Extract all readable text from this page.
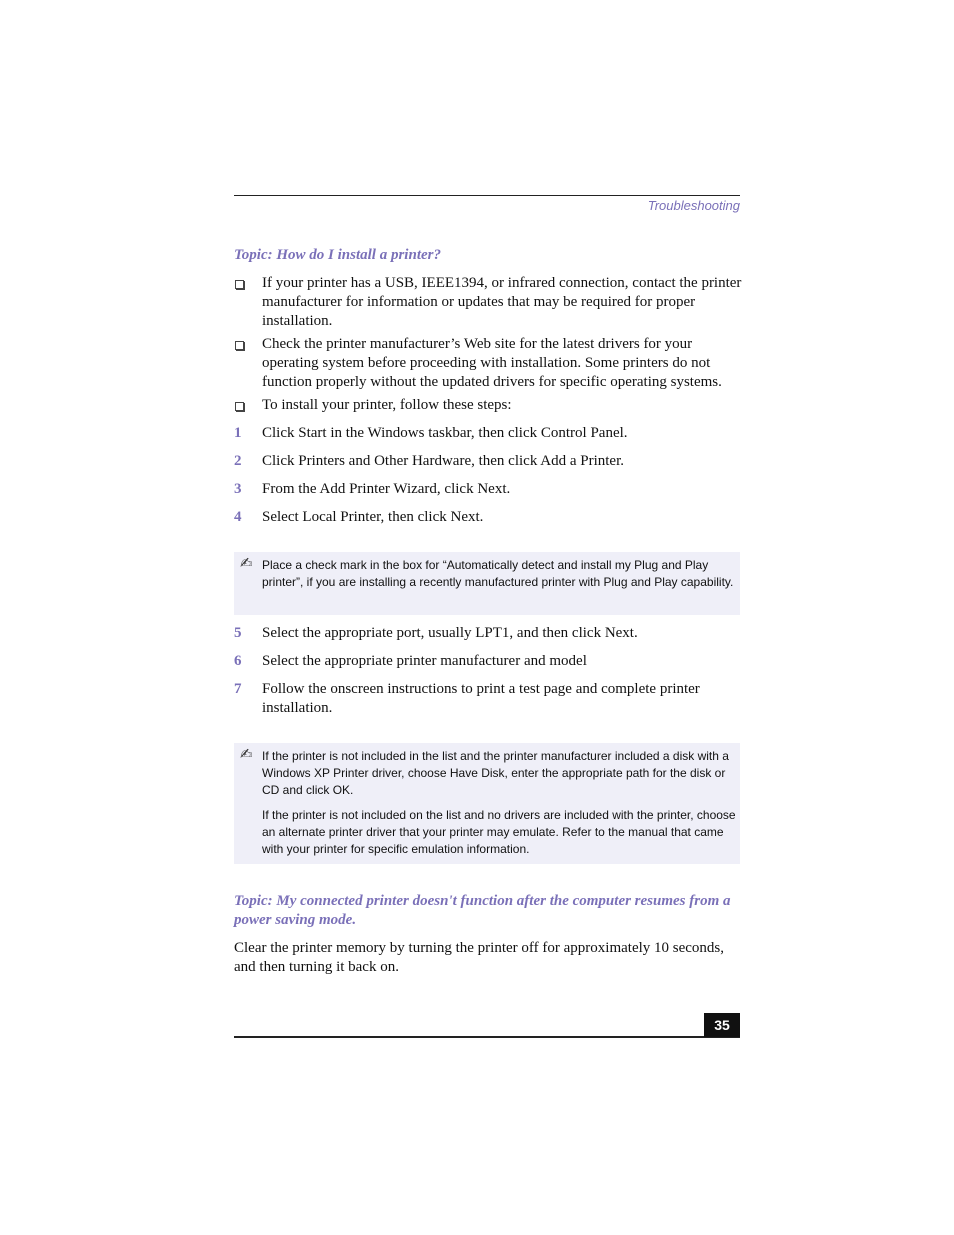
Troubleshooting
Topic: How do I install a printer?
If your printer has a USB, IEEE1394, or infrared connection, contact the printer manufacturer for information or updates that may be required for proper installation.
Check the printer manufacturer’s Web site for the latest drivers for your operating system before proceeding with installation. Some printers do not function properly without the updated drivers for specific operating systems.
To install your printer, follow these steps:
1 Click Start in the Windows taskbar, then click Control Panel.
2 Click Printers and Other Hardware, then click Add a Printer.
3 From the Add Printer Wizard, click Next.
4 Select Local Printer, then click Next.
✍ Place a check mark in the box for “Automatically detect and install my Plug and Play printer”, if you are installing a recently manufactured printer with Plug and Play capability.
5 Select the appropriate port, usually LPT1, and then click Next.
6 Select the appropriate printer manufacturer and model
7 Follow the onscreen instructions to print a test page and complete printer installation.
✍ If the printer is not included in the list and the printer manufacturer included a disk with a Windows XP Printer driver, choose Have Disk, enter the appropriate path for the disk or CD and click OK.
If the printer is not included on the list and no drivers are included with the printer, choose an alternate printer driver that your printer may emulate. Refer to the manual that came with your printer for specific emulation information.
Topic: My connected printer doesn't function after the computer resumes from a power saving mode.
Clear the printer memory by turning the printer off for approximately 10 seconds, and then turning it back on.
35
